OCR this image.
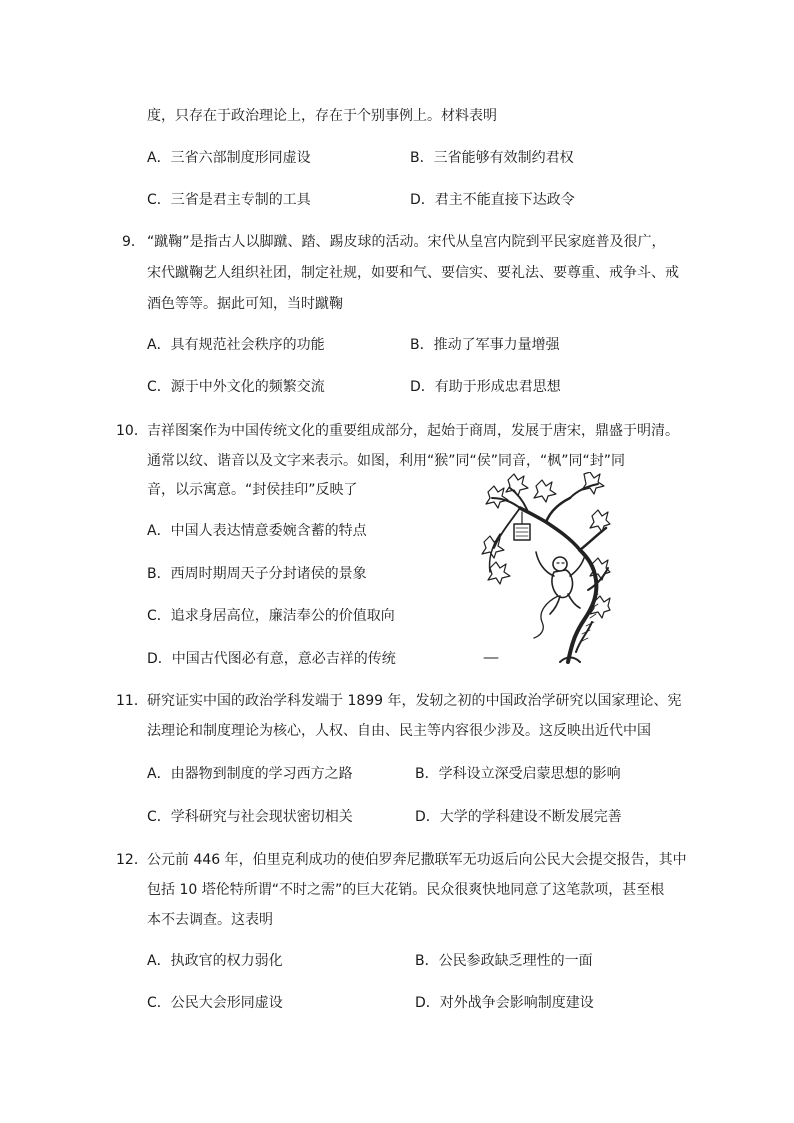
度，只存在于政治理论上，存在于个别事例上。材料表明
A．三省六部制度形同虚设	B．三省能够有效制约君权
C．三省是君主专制的工具	D．君主不能直接下达政令
9． “蹴鞠”是指古人以脚蹴、踏、踢皮球的活动。宋代从皇宫内院到平民家庭普及很广，
宋代蹴鞠艺人组织社团，制定社规，如要和气、要信实、要礼法、要尊重、戒争斗、戒
酒色等等。据此可知，当时蹴鞠
A．具有规范社会秩序的功能	B．推动了军事力量增强
C．源于中外文化的频繁交流	D．有助于形成忠君思想
10． 吉祥图案作为中国传统文化的重要组成部分，起始于商周，发展于唐宋，鼎盛于明清。
通常以纹、谐音以及文字来表示。如图，利用“猴”同“侯”同音，“枫”同“封”同
音，以示寓意。“封侯挂印”反映了
A．中国人表达情意委婉含蓄的特点
B．西周时期周天子分封诸侯的景象
C．追求身居高位，廉洁奉公的价值取向
D．中国古代图必有意，意必吉祥的传统
11． 研究证实中国的政治学科发端于 1899 年，发轫之初的中国政治学研究以国家理论、宪
法理论和制度理论为核心，人权、自由、民主等内容很少涉及。这反映出近代中国
A．由器物到制度的学习西方之路	B．学科设立深受启蒙思想的影响
C．学科研究与社会现状密切相关	D．大学的学科建设不断发展完善
12． 公元前 446 年，伯里克利成功的使伯罗奔尼撒联军无功返后向公民大会提交报告，其中
包括 10 塔伦特所谓“不时之需”的巨大花销。民众很爽快地同意了这笔款项，甚至根
本不去调查。这表明
A．执政官的权力弱化	B．公民参政缺乏理性的一面
C．公民大会形同虚设	D．对外战争会影响制度建设
